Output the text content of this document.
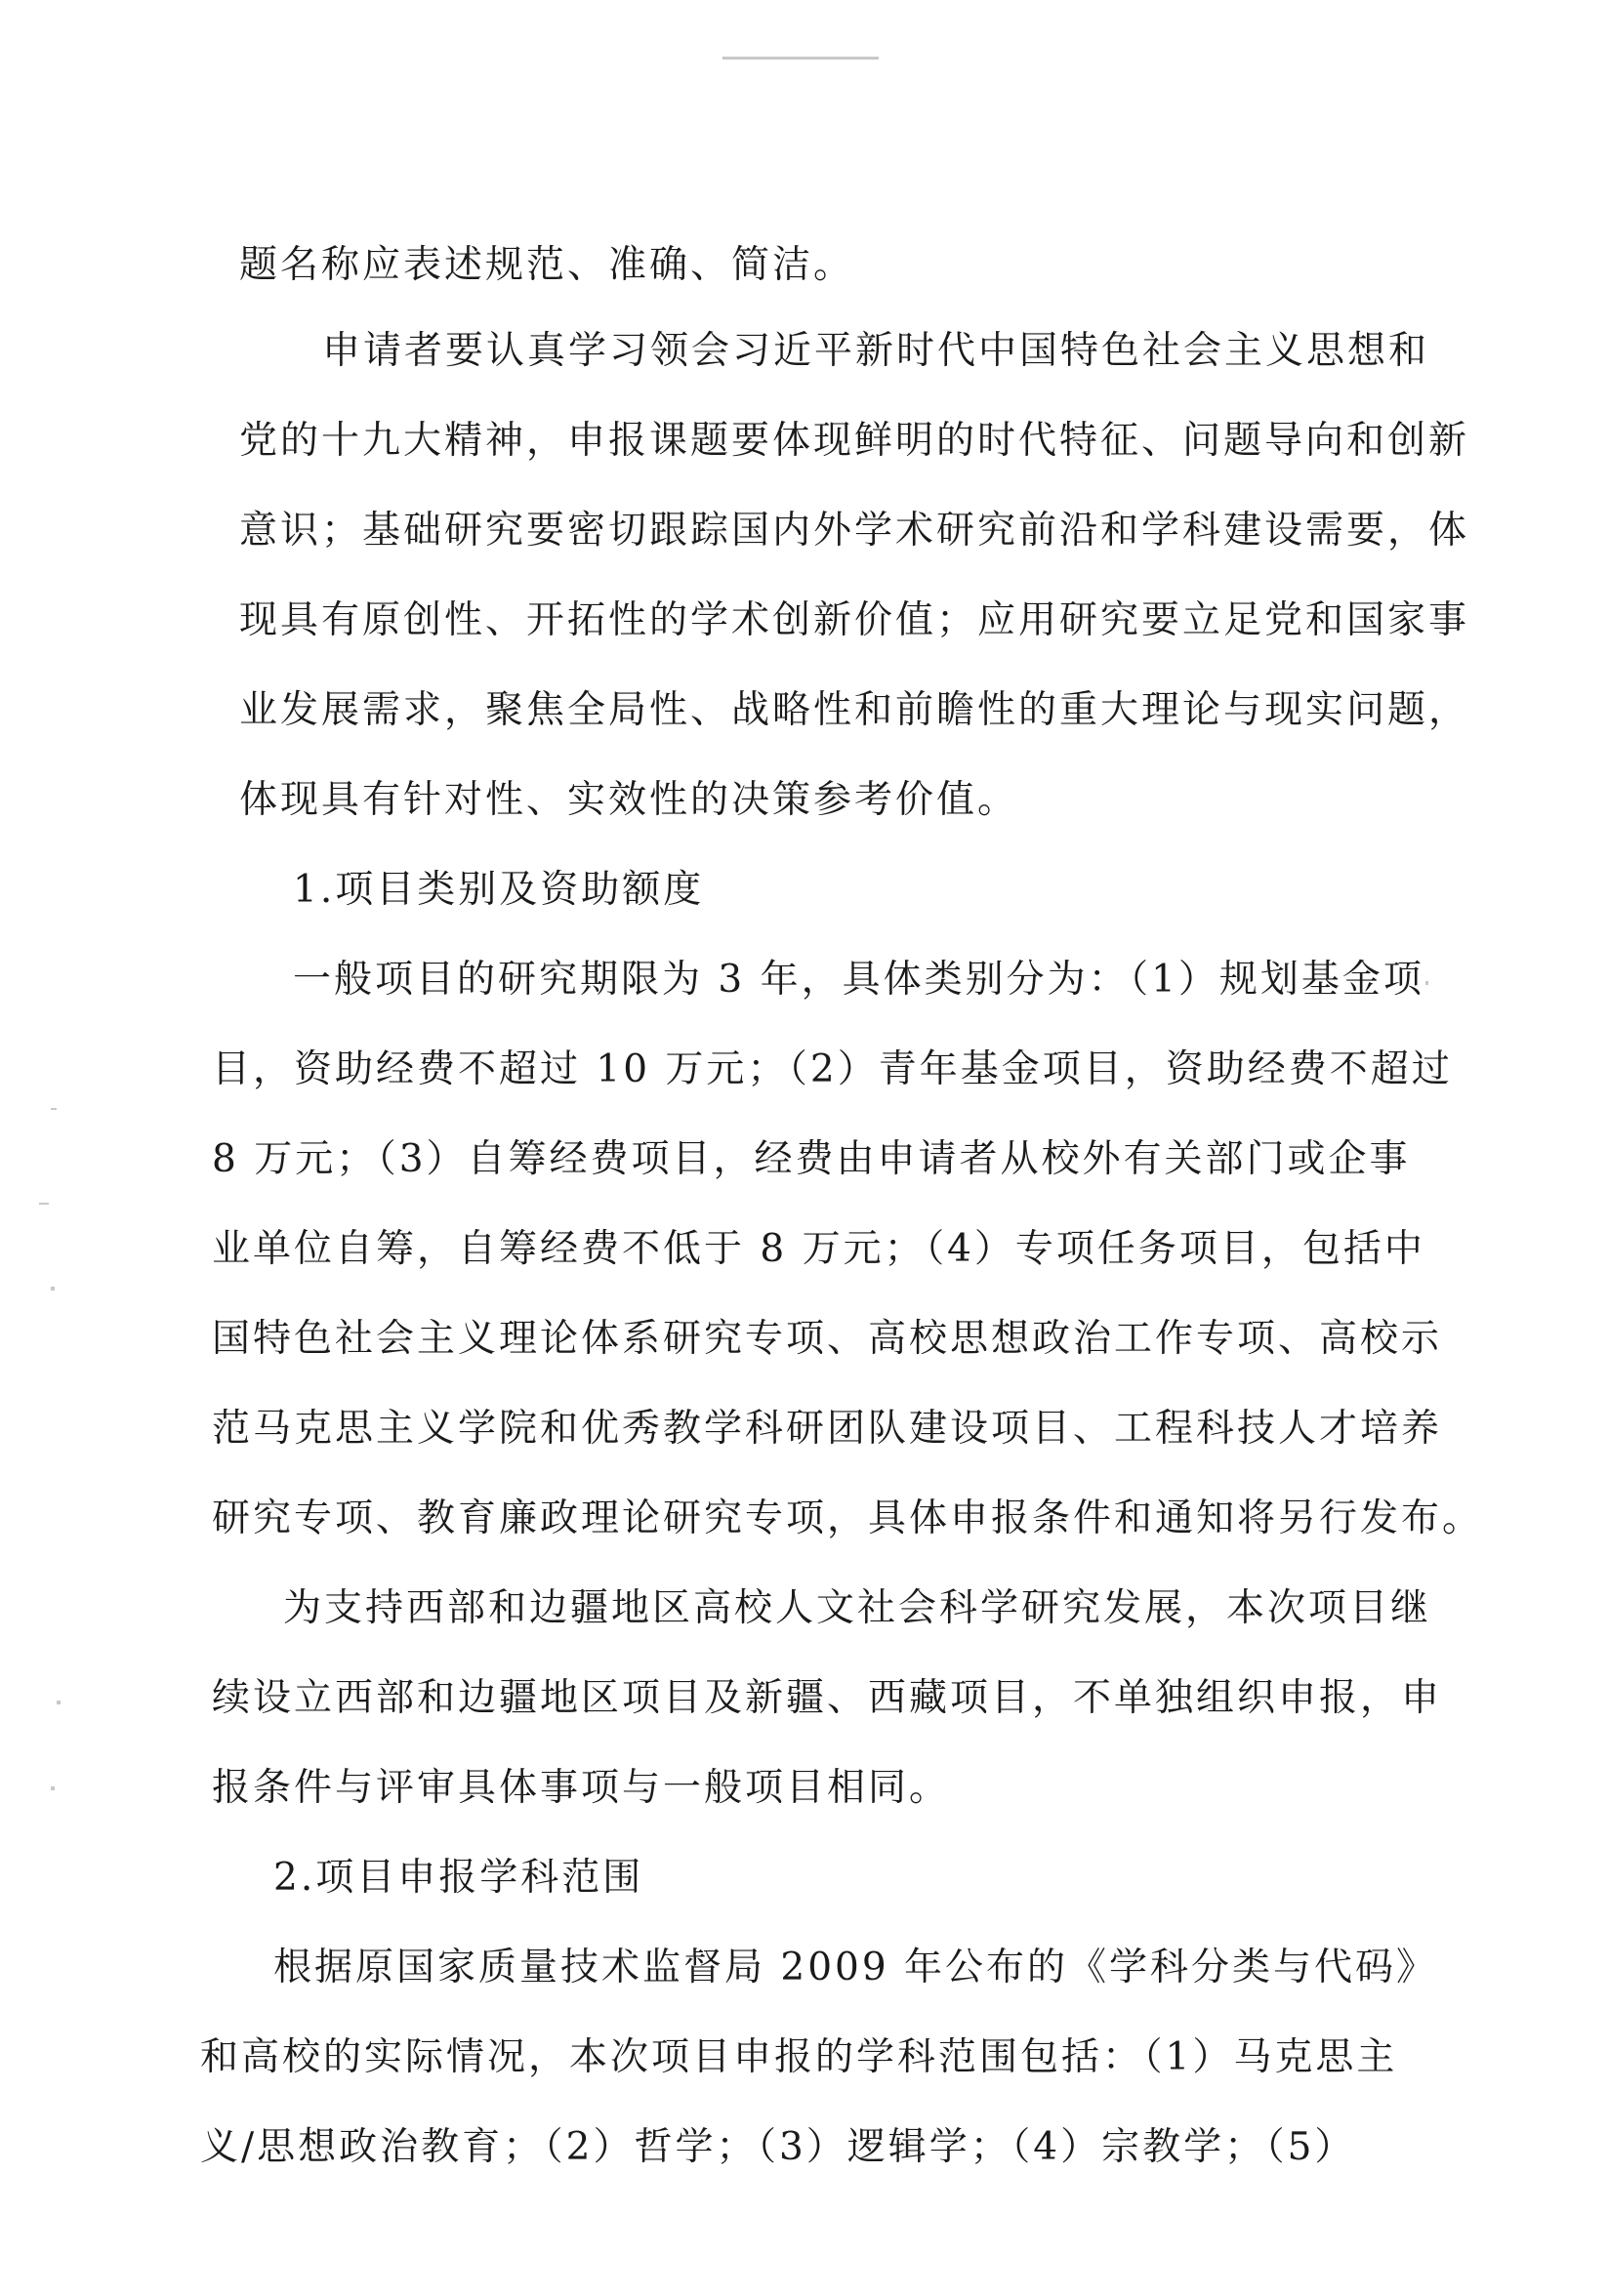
题名称应表述规范、准确、简洁。
申请者要认真学习领会习近平新时代中国特色社会主义思想和
党的十九大精神，申报课题要体现鲜明的时代特征、问题导向和创新
意识；基础研究要密切跟踪国内外学术研究前沿和学科建设需要，体
现具有原创性、开拓性的学术创新价值；应用研究要立足党和国家事
业发展需求，聚焦全局性、战略性和前瞻性的重大理论与现实问题，
体现具有针对性、实效性的决策参考价值。
1.项目类别及资助额度
一般项目的研究期限为 3 年，具体类别分为：（1）规划基金项
目，资助经费不超过 10 万元；（2）青年基金项目，资助经费不超过
8 万元；（3）自筹经费项目，经费由申请者从校外有关部门或企事
业单位自筹，自筹经费不低于 8 万元；（4）专项任务项目，包括中
国特色社会主义理论体系研究专项、高校思想政治工作专项、高校示
范马克思主义学院和优秀教学科研团队建设项目、工程科技人才培养
研究专项、教育廉政理论研究专项，具体申报条件和通知将另行发布。
为支持西部和边疆地区高校人文社会科学研究发展，本次项目继
续设立西部和边疆地区项目及新疆、西藏项目，不单独组织申报，申
报条件与评审具体事项与一般项目相同。
2.项目申报学科范围
根据原国家质量技术监督局 2009 年公布的《学科分类与代码》
和高校的实际情况，本次项目申报的学科范围包括：（1）马克思主
义/思想政治教育；（2）哲学；（3）逻辑学；（4）宗教学；（5）
